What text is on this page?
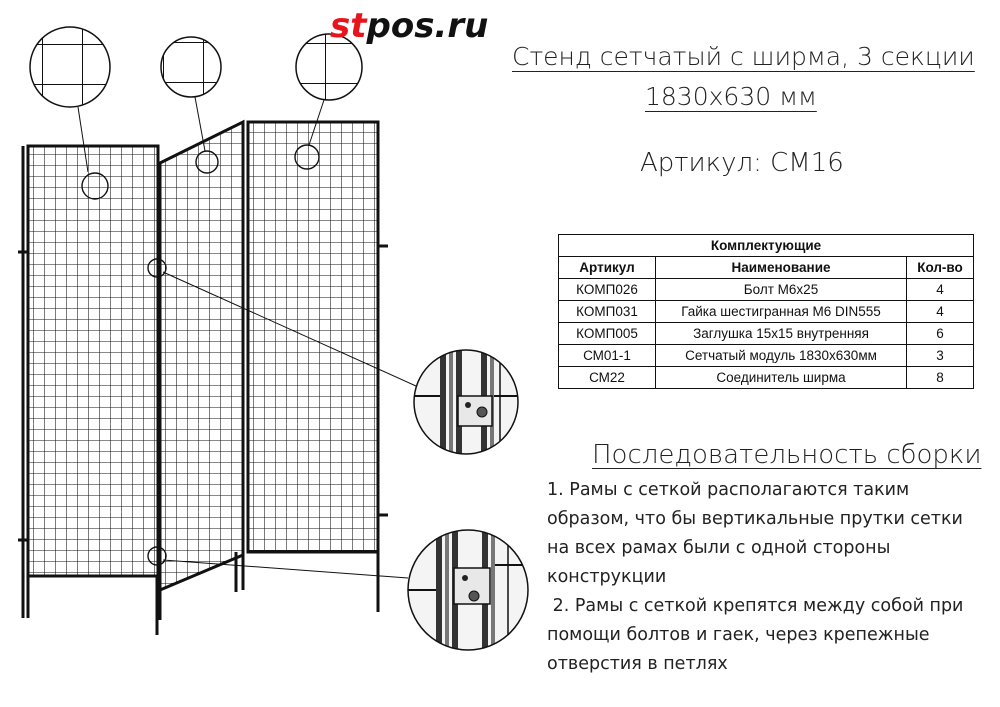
stpos.ru
Стенд сетчатый с ширма, 3 секции
1830х630 мм
Артикул: СМ16
Комплектующие		
Артикул	Наименование	Кол-во
КОМП026	Болт М6х25	4
КОМП031	Гайка шестигранная М6 DIN555	4
КОМП005	Заглушка 15х15 внутренняя	6
СМ01-1	Сетчатый модуль 1830х630мм	3
СМ22	Соединитель ширма	8
Последовательность сборки
1. Рамы с сеткой располагаются таким образом, что бы вертикальные прутки сетки на всех рамах были с одной стороны конструкции
2. Рамы с сеткой крепятся между собой при помощи болтов и гаек, через крепежные отверстия в петлях
